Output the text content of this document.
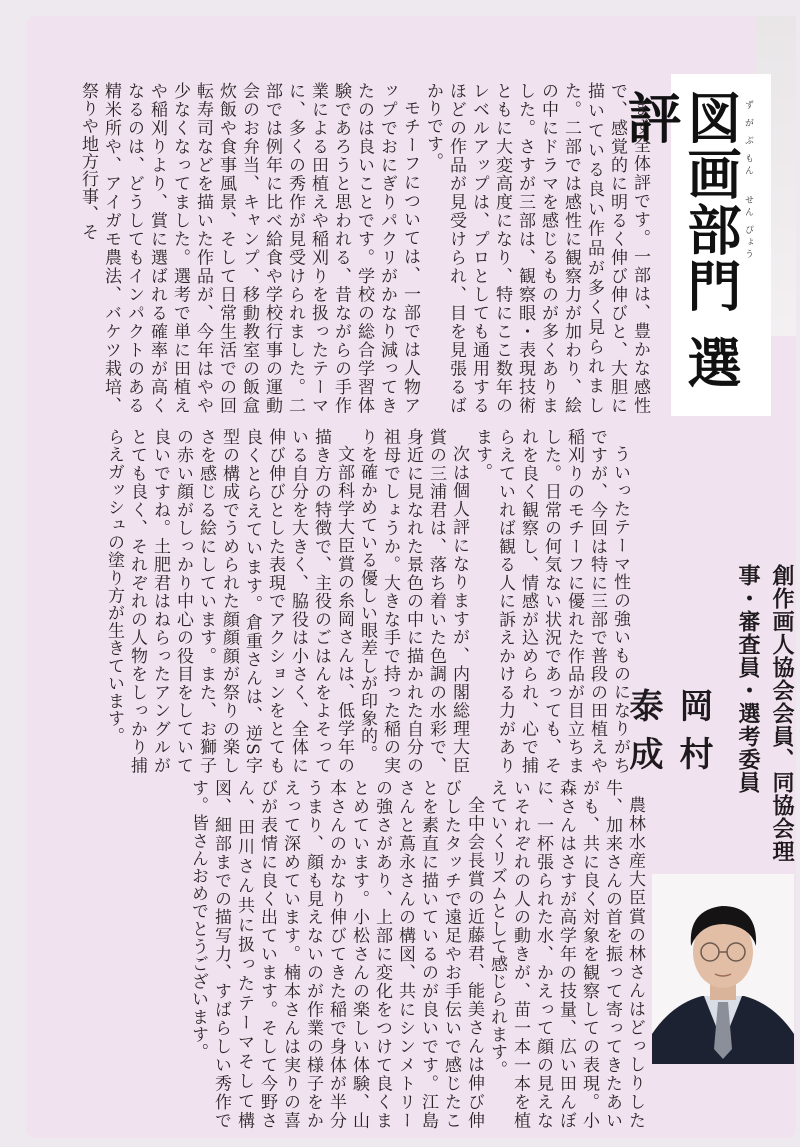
図画部門 選評	ず が ぶ もん   せん ぴょう
創作画人協会会員、同協会理事・審査員・選考委員
岡村 泰成

まず全体評です。一部は、豊かな感性で、感覚的に明るく伸び伸びと、大胆に描いている良い作品が多く見られました。二部では感性に観察力が加わり、絵の中にドラマを感じるものが多くありました。さすが三部は、観察眼・表現技術ともに大変高度になり、特にここ数年のレベルアップは、プロとしても通用するほどの作品が見受けられ、目を見張るばかりです。

モチーフについては、一部では人物アップでおにぎりパクリがかなり減ってきたのは良いことです。学校の総合学習体験であろうと思われる、昔ながらの手作業による田植えや稲刈りを扱ったテーマに、多くの秀作が見受けられました。二部では例年に比べ給食や学校行事の運動会のお弁当、キャンプ、移動教室の飯盒炊飯や食事風景、そして日常生活での回転寿司などを描いた作品が、今年はやや少なくなってました。選考で単に田植えや稲刈りより、賞に選ばれる確率が高くなるのは、どうしてもインパクトのある精米所や、アイガモ農法、バケツ栽培、祭りや地方行事、そ

ういったテーマ性の強いものになりがちですが、今回は特に三部で普段の田植えや稲刈りのモチーフに優れた作品が目立ちました。日常の何気ない状況であっても、それを良く観察し、情感が込められ、心で捕らえていれば観る人に訴えかける力があります。

次は個人評になりますが、内閣総理大臣賞の三浦君は、落ち着いた色調の水彩で、身近に見なれた景色の中に描かれた自分の祖母でしょうか。大きな手で持った稲の実りを確かめている優しい眼差しが印象的。

文部科学大臣賞の糸岡さんは、低学年の描き方の特徴で、主役のごはんをよそっている自分を大きく、脇役は小さく、全体に伸び伸びとした表現でアクションをとても良くとらえています。倉重さんは、逆S字型の構成でうめられた顔顔顔が祭りの楽しさを感じる絵にしています。また、お獅子の赤い顔がしっかり中心の役目をしていて良いですね。土肥君はねらったアングルがとても良く、それぞれの人物をしっかり捕らえガッシュの塗り方が生きています。

農林水産大臣賞の林さんはどっしりした牛、加来さんの首を振って寄ってきたあいがも、共に良く対象を観察しての表現。小森さんはさすが高学年の技量、広い田んぼに、一杯張られた水、かえって顔の見えないそれぞれの人の動きが、苗一本一本を植えていくリズムとして感じられます。

全中会長賞の近藤君、能美さんは伸び伸びしたタッチで遠足やお手伝いで感じたことを素直に描いているのが良いです。江島さんと蔦永さんの構図、共にシンメトリーの強さがあり、上部に変化をつけて良くまとめています。小松さんの楽しい体験、山本さんのかなり伸びてきた稲で身体が半分うまり、顔も見えないのが作業の様子をかえって深めています。楠本さんは実りの喜びが表情に良く出ています。そして今野さん、田川さん共に扱ったテーマそして構図、細部までの描写力、すばらしい秀作です。皆さんおめでとうございます。
